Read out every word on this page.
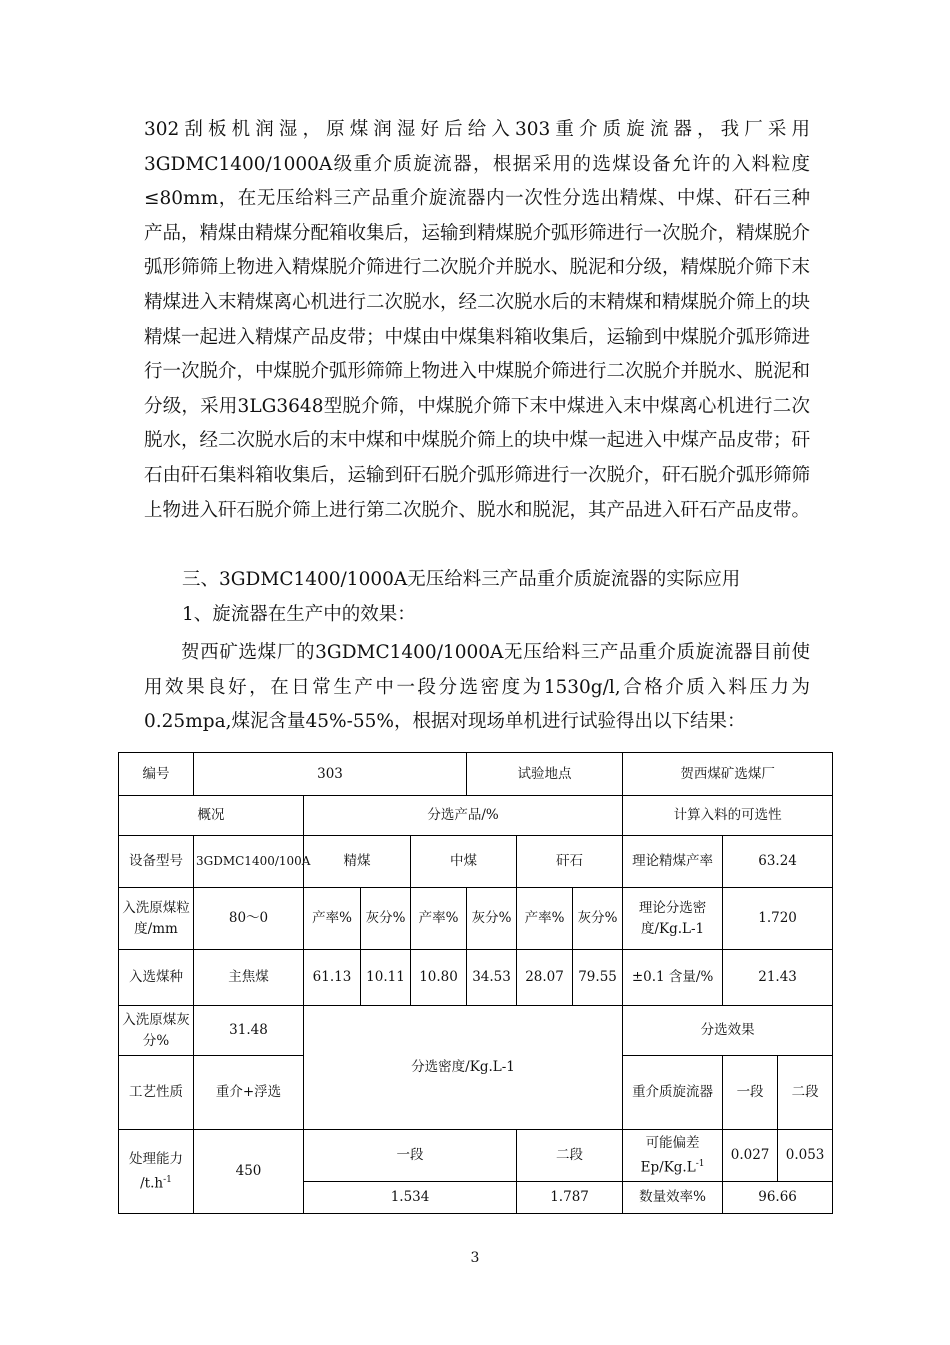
302刮板机润湿，原煤润湿好后给入303重介质旋流器，我厂采用3GDMC1400/1000A级重介质旋流器，根据采用的选煤设备允许的入料粒度≤80mm，在无压给料三产品重介旋流器内一次性分选出精煤、中煤、矸石三种产品，精煤由精煤分配箱收集后，运输到精煤脱介弧形筛进行一次脱介，精煤脱介弧形筛筛上物进入精煤脱介筛进行二次脱介并脱水、脱泥和分级，精煤脱介筛下末精煤进入末精煤离心机进行二次脱水，经二次脱水后的末精煤和精煤脱介筛上的块精煤一起进入精煤产品皮带；中煤由中煤集料箱收集后，运输到中煤脱介弧形筛进行一次脱介，中煤脱介弧形筛筛上物进入中煤脱介筛进行二次脱介并脱水、脱泥和分级，采用3LG3648型脱介筛，中煤脱介筛下末中煤进入末中煤离心机进行二次脱水，经二次脱水后的末中煤和中煤脱介筛上的块中煤一起进入中煤产品皮带；矸石由矸石集料箱收集后，运输到矸石脱介弧形筛进行一次脱介，矸石脱介弧形筛筛上物进入矸石脱介筛上进行第二次脱介、脱水和脱泥，其产品进入矸石产品皮带。

三、3GDMC1400/1000A无压给料三产品重介质旋流器的实际应用

1、旋流器在生产中的效果：

贺西矿选煤厂的3GDMC1400/1000A无压给料三产品重介质旋流器目前使用效果良好，在日常生产中一段分选密度为1530g/l,合格介质入料压力为0.25mpa,煤泥含量45%-55%，根据对现场单机进行试验得出以下结果：

编号	303				试验地点			贺西煤矿选煤厂		
概况		分选产品/%						计算入料的可选性		
设备型号	3GDMC1400/100A	精煤		中煤		矸石		理论精煤产率	63.24	
入洗原煤粒度/mm	80～0	产率%	灰分%	产率%	灰分%	产率%	灰分%	理论分选密度/Kg.L-1	1.720	
入选煤种	主焦煤	61.13	10.11	10.80	34.53	28.07	79.55	±0.1 含量/%	21.43	
入洗原煤灰分%	31.48	分选密度/Kg.L-1						分选效果		
工艺性质	重介+浮选							重介质旋流器	一段	二段
处理能力
$/t.h^{-1}$	450	一段				二段		可能偏差$Ep/Kg.L^{-1}$	0.027	0.053
		1.534				1.787		数量效率%	96.66	
3
